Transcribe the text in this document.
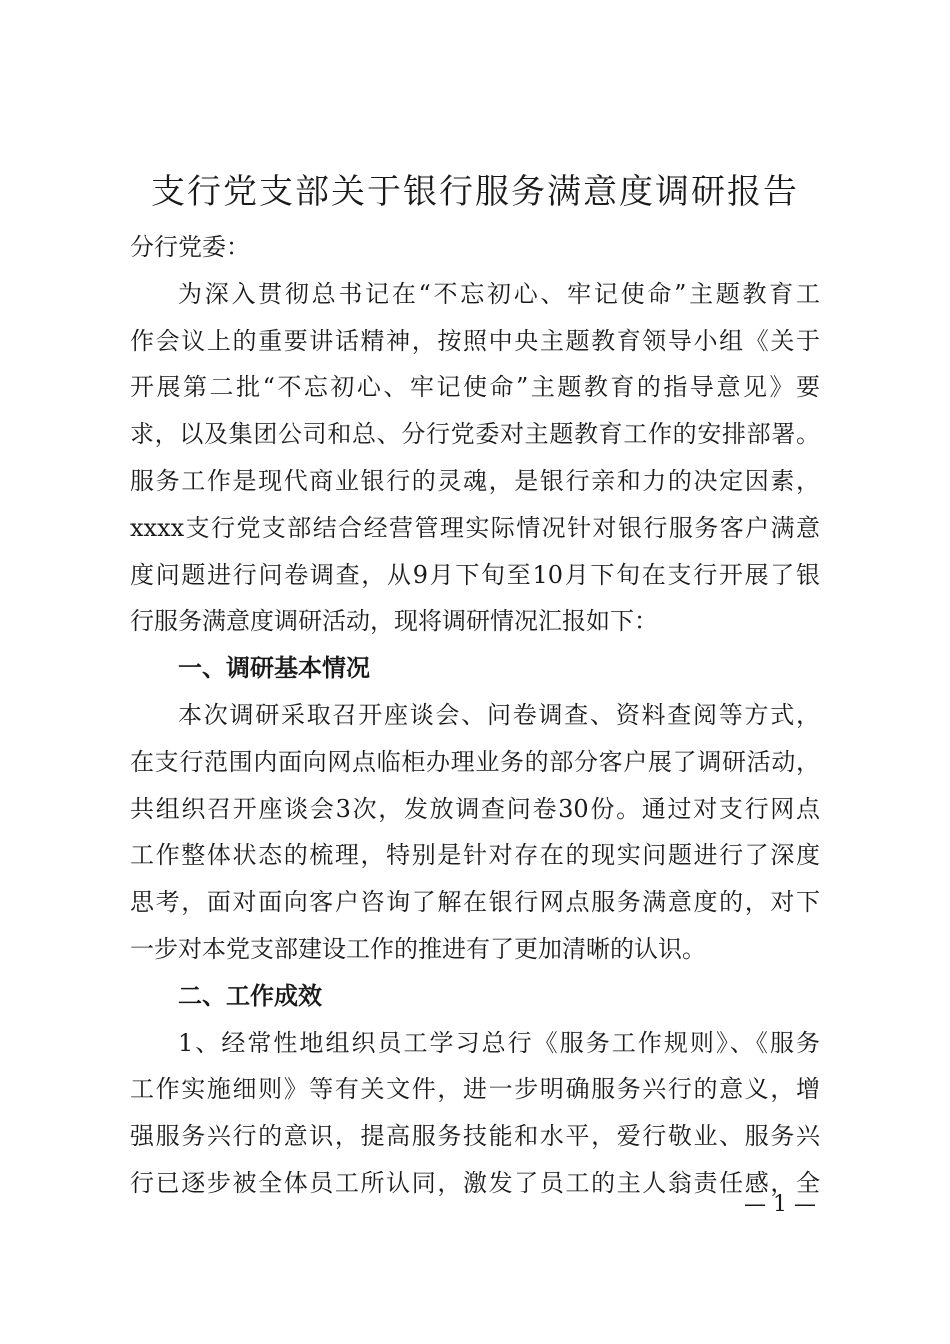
支行党支部关于银行服务满意度调研报告
分行党委：
为深入贯彻总书记在“不忘初心、牢记使命”主题教育工
作会议上的重要讲话精神，按照中央主题教育领导小组《关于
开展第二批“不忘初心、牢记使命”主题教育的指导意见》要
求，以及集团公司和总、分行党委对主题教育工作的安排部署。
服务工作是现代商业银行的灵魂，是银行亲和力的决定因素，
xxxx支行党支部结合经营管理实际情况针对银行服务客户满意
度问题进行问卷调查，从9月下旬至10月下旬在支行开展了银
行服务满意度调研活动，现将调研情况汇报如下：
一、调研基本情况
本次调研采取召开座谈会、问卷调查、资料查阅等方式，
在支行范围内面向网点临柜办理业务的部分客户展了调研活动，
共组织召开座谈会3次，发放调查问卷30份。通过对支行网点
工作整体状态的梳理，特别是针对存在的现实问题进行了深度
思考，面对面向客户咨询了解在银行网点服务满意度的，对下
一步对本党支部建设工作的推进有了更加清晰的认识。
二、工作成效
1、经常性地组织员工学习总行《服务工作规则》、《服务
工作实施细则》等有关文件，进一步明确服务兴行的意义，增
强服务兴行的意识，提高服务技能和水平，爱行敬业、服务兴
行已逐步被全体员工所认同，激发了员工的主人翁责任感，全
— 1 —
